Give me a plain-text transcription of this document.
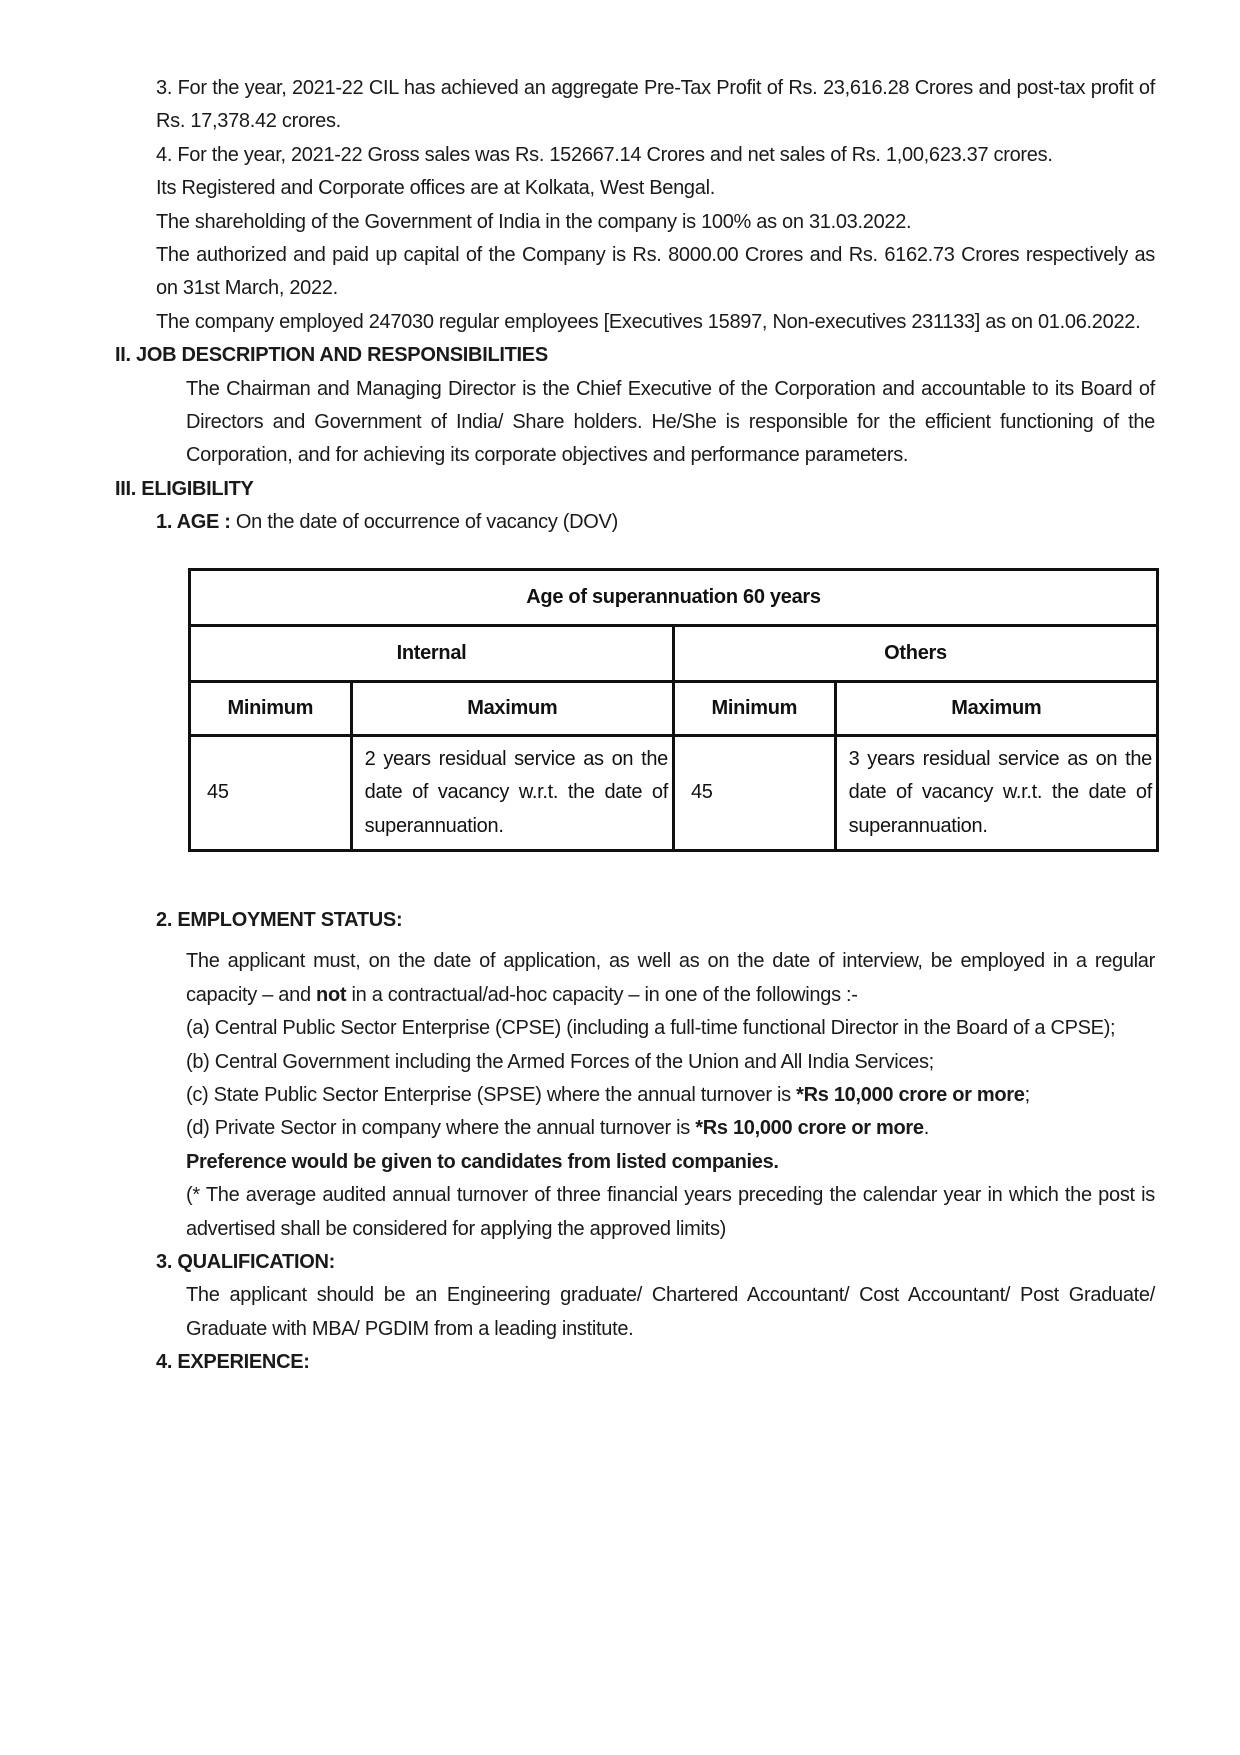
3. For the year, 2021-22 CIL has achieved an aggregate Pre-Tax Profit of Rs. 23,616.28 Crores and post-tax profit of Rs. 17,378.42 crores.

4. For the year, 2021-22 Gross sales was Rs. 152667.14 Crores and net sales of Rs. 1,00,623.37 crores.

Its Registered and Corporate offices are at Kolkata, West Bengal.

The shareholding of the Government of India in the company is 100% as on 31.03.2022.

The authorized and paid up capital of the Company is Rs. 8000.00 Crores and Rs. 6162.73 Crores respectively as on 31st March, 2022.

The company employed 247030 regular employees [Executives 15897, Non-executives 231133] as on 01.06.2022.

II. JOB DESCRIPTION AND RESPONSIBILITIES

The Chairman and Managing Director is the Chief Executive of the Corporation and accountable to its Board of Directors and Government of India/ Share holders. He/She is responsible for the efficient functioning of the Corporation, and for achieving its corporate objectives and performance parameters.

III. ELIGIBILITY

1. AGE : On the date of occurrence of vacancy (DOV)

Age of superannuation 60 years			
Internal		Others	
Minimum	Maximum	Minimum	Maximum
45	2 years residual service as on the date of vacancy w.r.t. the date of superannuation.	45	3 years residual service as on the date of vacancy w.r.t. the date of superannuation.

2. EMPLOYMENT STATUS:

The applicant must, on the date of application, as well as on the date of interview, be employed in a regular capacity – and not in a contractual/ad-hoc capacity – in one of the followings :-

(a) Central Public Sector Enterprise (CPSE) (including a full-time functional Director in the Board of a CPSE);

(b) Central Government including the Armed Forces of the Union and All India Services;

(c) State Public Sector Enterprise (SPSE) where the annual turnover is *Rs 10,000 crore or more;

(d) Private Sector in company where the annual turnover is *Rs 10,000 crore or more.

Preference would be given to candidates from listed companies.

(* The average audited annual turnover of three financial years preceding the calendar year in which the post is advertised shall be considered for applying the approved limits)

3. QUALIFICATION:

The applicant should be an Engineering graduate/ Chartered Accountant/ Cost Accountant/ Post Graduate/ Graduate with MBA/ PGDIM from a leading institute.

4. EXPERIENCE:
